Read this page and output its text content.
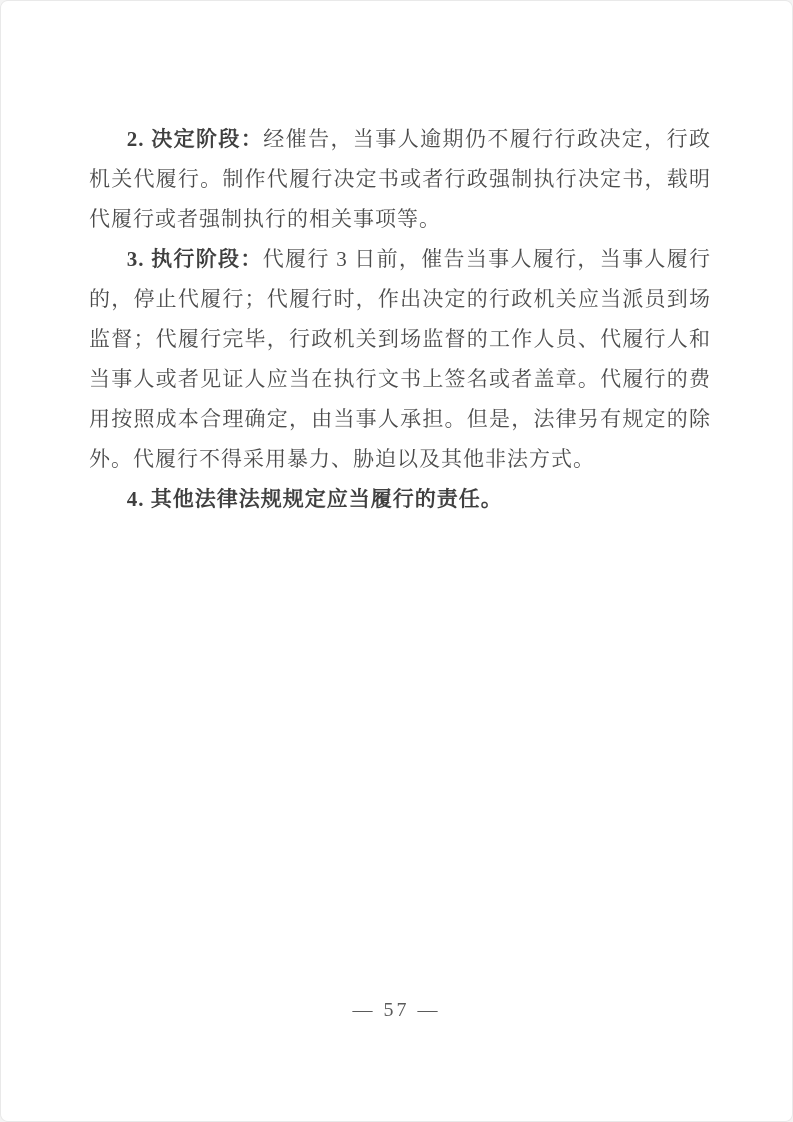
2. 决定阶段：经催告，当事人逾期仍不履行行政决定，行政机关代履行。制作代履行决定书或者行政强制执行决定书，载明代履行或者强制执行的相关事项等。

3. 执行阶段：代履行 3 日前，催告当事人履行，当事人履行的，停止代履行；代履行时，作出决定的行政机关应当派员到场监督；代履行完毕，行政机关到场监督的工作人员、代履行人和当事人或者见证人应当在执行文书上签名或者盖章。代履行的费用按照成本合理确定，由当事人承担。但是，法律另有规定的除外。代履行不得采用暴力、胁迫以及其他非法方式。

4. 其他法律法规规定应当履行的责任。

— 57 —
